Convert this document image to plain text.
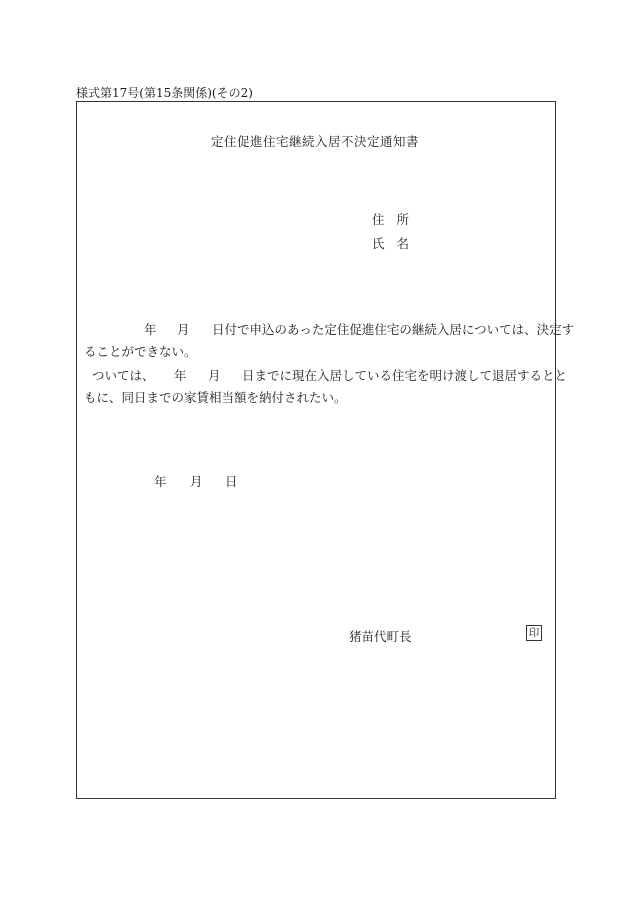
様式第17号(第15条関係)(その2)
定住促進住宅継続入居不決定通知書
住 所
氏 名
年 月 日付で申込のあった定住促進住宅の継続入居については、決定す
ることができない。
ついては、 年 月 日までに現在入居している住宅を明け渡して退居するとと
もに、同日までの家賃相当額を納付されたい。
年 月 日
猪苗代町長	印
